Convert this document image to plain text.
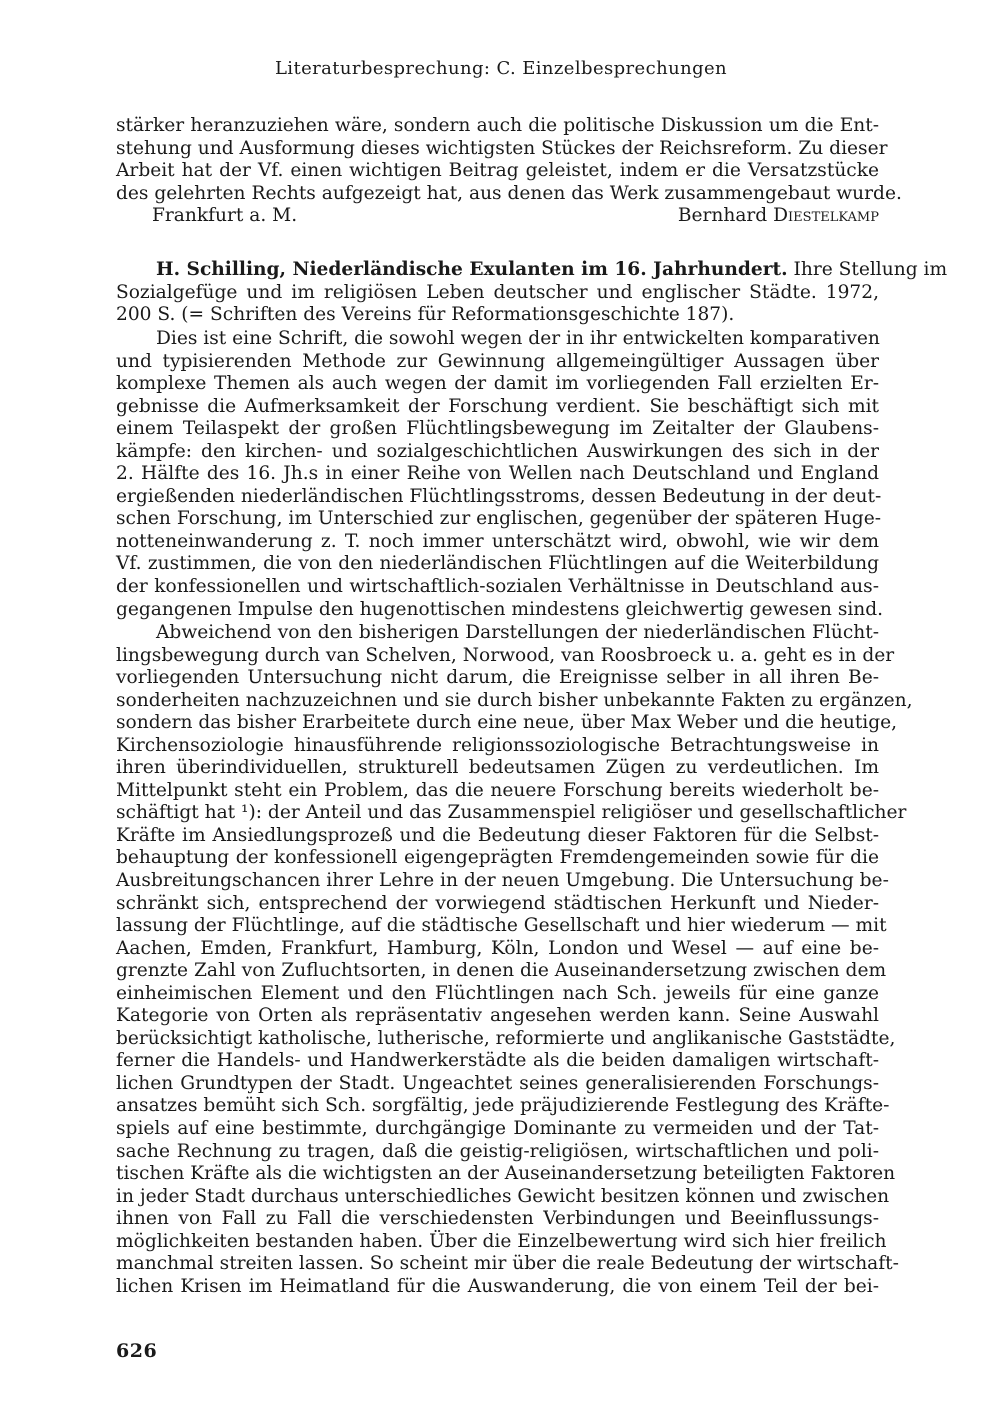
Literaturbesprechung: C. Einzelbesprechungen
stärker heranzuziehen wäre, sondern auch die politische Diskussion um die Ent-
stehung und Ausformung dieses wichtigsten Stückes der Reichsreform. Zu dieser
Arbeit hat der Vf. einen wichtigen Beitrag geleistet, indem er die Versatzstücke
des gelehrten Rechts aufgezeigt hat, aus denen das Werk zusammengebaut wurde.
Frankfurt a. M.	Bernhard Diestelkamp
H. Schilling, Niederländische Exulanten im 16. Jahrhundert. Ihre Stellung im
Sozialgefüge und im religiösen Leben deutscher und englischer Städte. 1972,
200 S. (= Schriften des Vereins für Reformationsgeschichte 187).
Dies ist eine Schrift, die sowohl wegen der in ihr entwickelten komparativen
und typisierenden Methode zur Gewinnung allgemeingültiger Aussagen über
komplexe Themen als auch wegen der damit im vorliegenden Fall erzielten Er-
gebnisse die Aufmerksamkeit der Forschung verdient. Sie beschäftigt sich mit
einem Teilaspekt der großen Flüchtlingsbewegung im Zeitalter der Glaubens-
kämpfe: den kirchen- und sozialgeschichtlichen Auswirkungen des sich in der
2. Hälfte des 16. Jh.s in einer Reihe von Wellen nach Deutschland und England
ergießenden niederländischen Flüchtlingsstroms, dessen Bedeutung in der deut-
schen Forschung, im Unterschied zur englischen, gegenüber der späteren Huge-
notteneinwanderung z. T. noch immer unterschätzt wird, obwohl, wie wir dem
Vf. zustimmen, die von den niederländischen Flüchtlingen auf die Weiterbildung
der konfessionellen und wirtschaftlich-sozialen Verhältnisse in Deutschland aus-
gegangenen Impulse den hugenottischen mindestens gleichwertig gewesen sind.
Abweichend von den bisherigen Darstellungen der niederländischen Flücht-
lingsbewegung durch van Schelven, Norwood, van Roosbroeck u. a. geht es in der
vorliegenden Untersuchung nicht darum, die Ereignisse selber in all ihren Be-
sonderheiten nachzuzeichnen und sie durch bisher unbekannte Fakten zu ergänzen,
sondern das bisher Erarbeitete durch eine neue, über Max Weber und die heutige,
Kirchensoziologie hinausführende religionssoziologische Betrachtungsweise in
ihren überindividuellen, strukturell bedeutsamen Zügen zu verdeutlichen. Im
Mittelpunkt steht ein Problem, das die neuere Forschung bereits wiederholt be-
schäftigt hat ¹): der Anteil und das Zusammenspiel religiöser und gesellschaftlicher
Kräfte im Ansiedlungsprozeß und die Bedeutung dieser Faktoren für die Selbst-
behauptung der konfessionell eigengeprägten Fremdengemeinden sowie für die
Ausbreitungschancen ihrer Lehre in der neuen Umgebung. Die Untersuchung be-
schränkt sich, entsprechend der vorwiegend städtischen Herkunft und Nieder-
lassung der Flüchtlinge, auf die städtische Gesellschaft und hier wiederum — mit
Aachen, Emden, Frankfurt, Hamburg, Köln, London und Wesel — auf eine be-
grenzte Zahl von Zufluchtsorten, in denen die Auseinandersetzung zwischen dem
einheimischen Element und den Flüchtlingen nach Sch. jeweils für eine ganze
Kategorie von Orten als repräsentativ angesehen werden kann. Seine Auswahl
berücksichtigt katholische, lutherische, reformierte und anglikanische Gaststädte,
ferner die Handels- und Handwerkerstädte als die beiden damaligen wirtschaft-
lichen Grundtypen der Stadt. Ungeachtet seines generalisierenden Forschungs-
ansatzes bemüht sich Sch. sorgfältig, jede präjudizierende Festlegung des Kräfte-
spiels auf eine bestimmte, durchgängige Dominante zu vermeiden und der Tat-
sache Rechnung zu tragen, daß die geistig-religiösen, wirtschaftlichen und poli-
tischen Kräfte als die wichtigsten an der Auseinandersetzung beteiligten Faktoren
in jeder Stadt durchaus unterschiedliches Gewicht besitzen können und zwischen
ihnen von Fall zu Fall die verschiedensten Verbindungen und Beeinflussungs-
möglichkeiten bestanden haben. Über die Einzelbewertung wird sich hier freilich
manchmal streiten lassen. So scheint mir über die reale Bedeutung der wirtschaft-
lichen Krisen im Heimatland für die Auswanderung, die von einem Teil der bei-
626
